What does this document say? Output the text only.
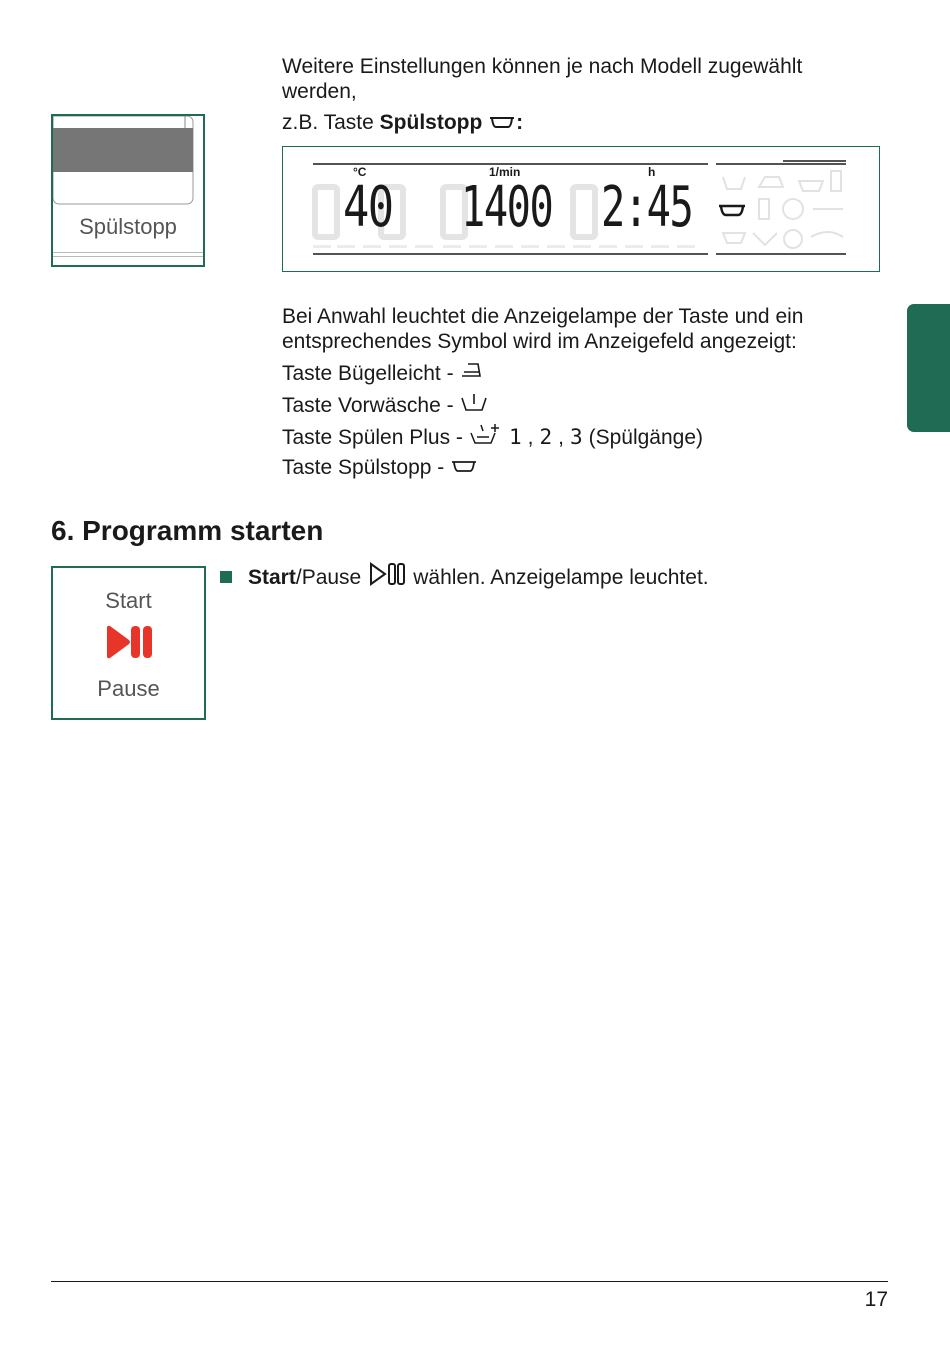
Weitere Einstellungen können je nach Modell zugewählt

werden,

z.B. Taste Spülstopp :

Spülstopp
°C	1/min	h
40 1400 2:45

Bei Anwahl leuchtet die Anzeigelampe der Taste und ein

entsprechendes Symbol wird im Anzeigefeld angezeigt:

Taste Bügelleicht -
Taste Vorwäsche -
Taste Spülen Plus - 1 , 2 , 3 (Spülgänge)
Taste Spülstopp -
6. Programm starten
Start
Pause
Start/Pause wählen. Anzeigelampe leuchtet.
17
